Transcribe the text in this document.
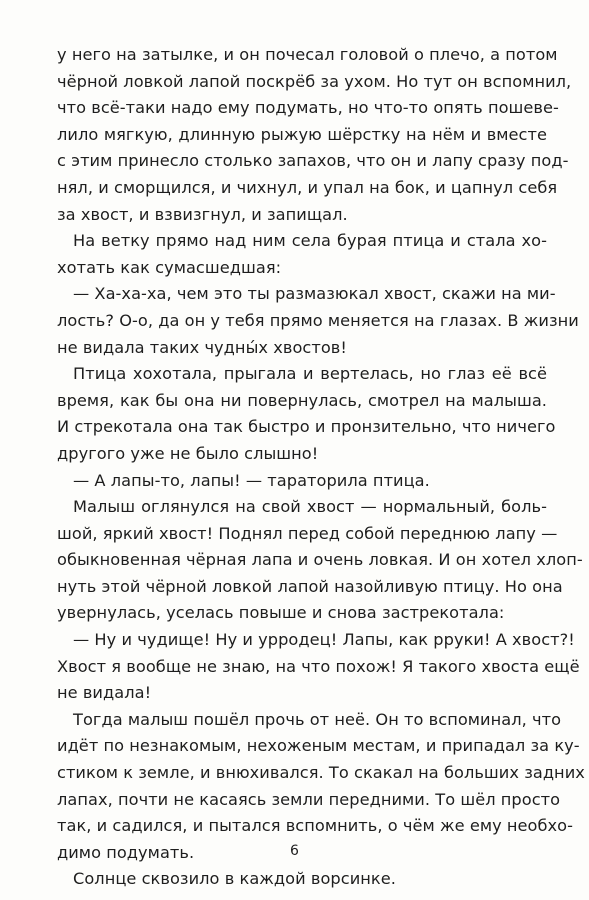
у него на затылке, и он почесал головой о плечо, а потом
чёрной ловкой лапой поскрёб за ухом. Но тут он вспомнил,
что всё-таки надо ему подумать, но что-то опять пошеве-
лило мягкую, длинную рыжую шёрстку на нём и вместе
с этим принесло столько запахов, что он и лапу сразу под-
нял, и сморщился, и чихнул, и упал на бок, и цапнул себя
за хвост, и взвизгнул, и запищал.
На ветку прямо над ним села бурая птица и стала хо-
хотать как сумасшедшая:
— Ха-ха-ха, чем это ты размазюкал хвост, скажи на ми-
лость? О-о, да он у тебя прямо меняется на глазах. В жизни
не видала таких чудны́х хвостов!
Птица хохотала, прыгала и вертелась, но глаз её всё
время, как бы она ни повернулась, смотрел на малыша.
И стрекотала она так быстро и пронзительно, что ничего
другого уже не было слышно!
— А лапы-то, лапы! — тараторила птица.
Малыш оглянулся на свой хвост — нормальный, боль-
шой, яркий хвост! Поднял перед собой переднюю лапу —
обыкновенная чёрная лапа и очень ловкая. И он хотел хлоп-
нуть этой чёрной ловкой лапой назойливую птицу. Но она
увернулась, уселась повыше и снова застрекотала:
— Ну и чудище! Ну и урродец! Лапы, как рруки! А хвост?!
Хвост я вообще не знаю, на что похож! Я такого хвоста ещё
не видала!
Тогда малыш пошёл прочь от неё. Он то вспоминал, что
идёт по незнакомым, нехоженым местам, и припадал за ку-
стиком к земле, и внюхивался. То скакал на больших задних
лапах, почти не касаясь земли передними. То шёл просто
так, и садился, и пытался вспомнить, о чём же ему необхо-
димо подумать.
Солнце сквозило в каждой ворсинке.
6
